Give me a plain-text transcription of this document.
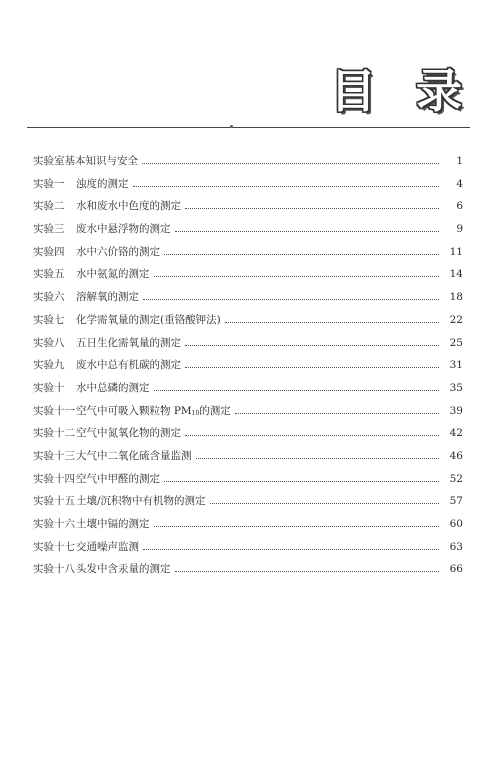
目 录
实验室基本知识与安全	1
实验一	浊度的测定	4
实验二	水和废水中色度的测定	6
实验三	废水中悬浮物的测定	9
实验四	水中六价铬的测定	11
实验五	水中氨氮的测定	14
实验六	溶解氧的测定	18
实验七	化学需氧量的测定(重铬酸钾法)	22
实验八	五日生化需氧量的测定	25
实验九	废水中总有机碳的测定	31
实验十	水中总磷的测定	35
实验十一 空气中可吸入颗粒物 $PM_{10}$的测定	39
实验十二 空气中氮氧化物的测定	42
实验十三 大气中二氧化硫含量监测	46
实验十四 空气中甲醛的测定	52
实验十五 土壤/沉积物中有机物的测定	57
实验十六 土壤中镉的测定	60
实验十七 交通噪声监测	63
实验十八 头发中含汞量的测定	66
